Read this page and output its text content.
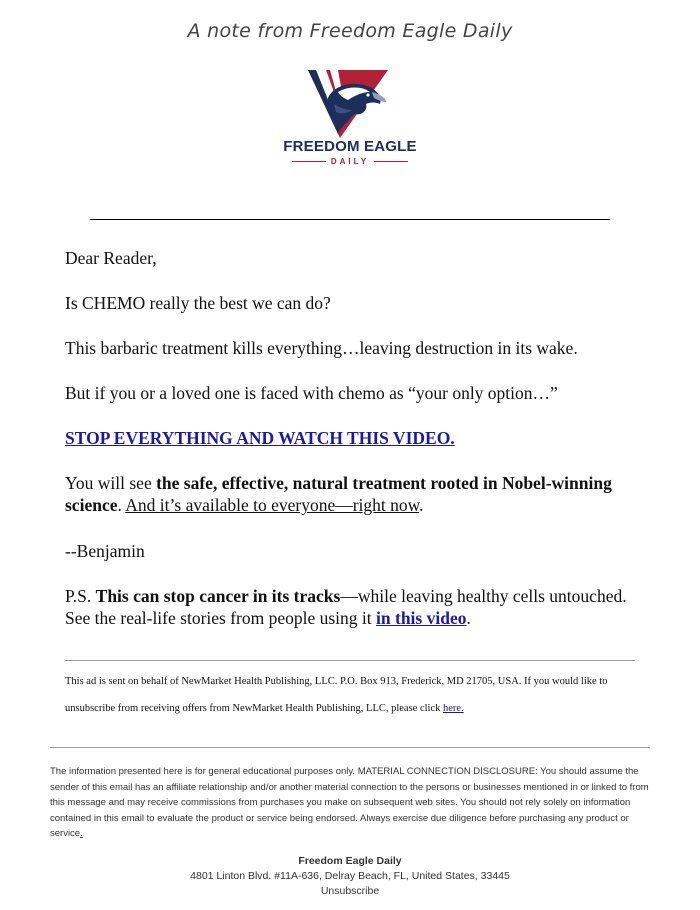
A note from Freedom Eagle Daily
FREEDOM EAGLE
DAILY

Dear Reader,

Is CHEMO really the best we can do?

This barbaric treatment kills everything…leaving destruction in its wake.

But if you or a loved one is faced with chemo as “your only option…”

STOP EVERYTHING AND WATCH THIS VIDEO.

You will see the safe, effective, natural treatment rooted in Nobel-winning science. And it’s available to everyone—right now.

--Benjamin

P.S. This can stop cancer in its tracks—while leaving healthy cells untouched. See the real-life stories from people using it in this video.

This ad is sent on behalf of NewMarket Health Publishing, LLC. P.O. Box 913, Frederick, MD 21705, USA. If you would like to unsubscribe from receiving offers from NewMarket Health Publishing, LLC, please click here.
The information presented here is for general educational purposes only. MATERIAL CONNECTION DISCLOSURE: You should assume the sender of this email has an affiliate relationship and/or another material connection to the persons or businesses mentioned in or linked to from this message and may receive commissions from purchases you make on subsequent web sites. You should not rely solely on information contained in this email to evaluate the product or service being endorsed. Always exercise due diligence before purchasing any product or service.
Freedom Eagle Daily
4801 Linton Blvd. #11A-636, Delray Beach, FL, United States, 33445
Unsubscribe
